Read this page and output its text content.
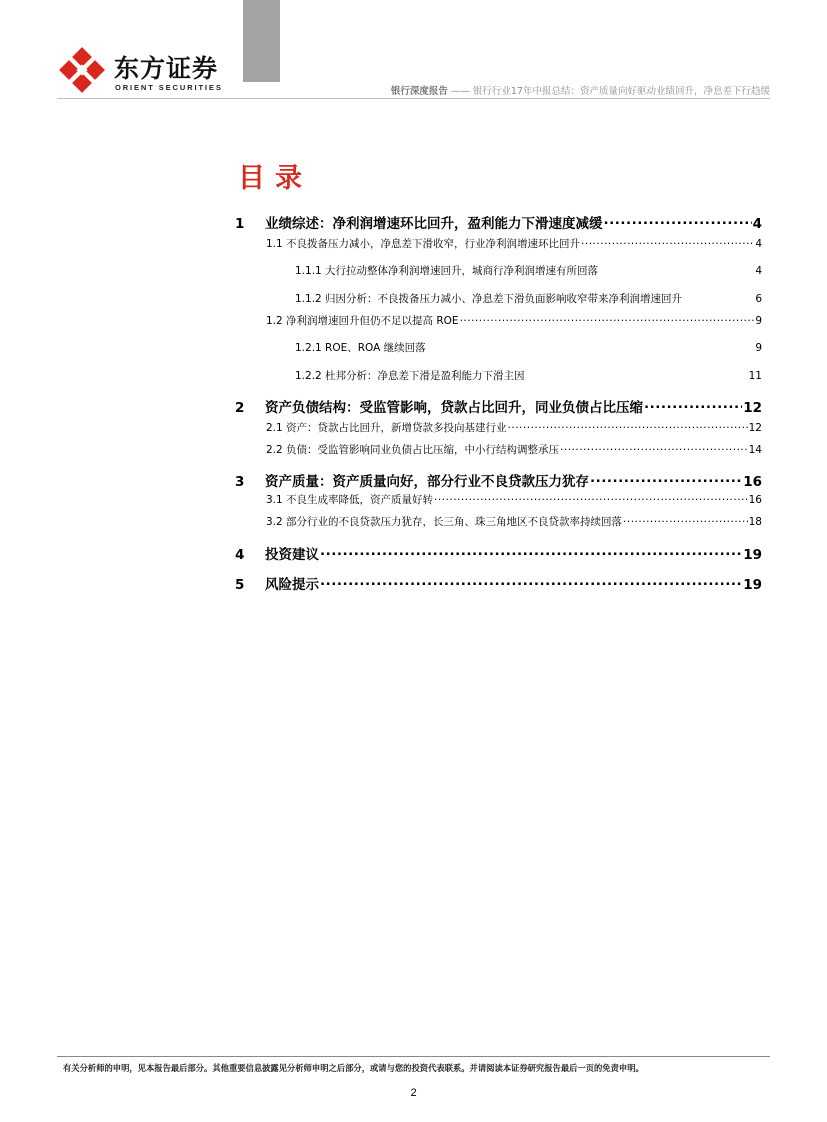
东方证券
ORIENT SECURITIES	银行深度报告 —— 银行行业17年中报总结：资产质量向好驱动业绩回升，净息差下行趋缓
目录
1	业绩综述：净利润增速环比回升，盈利能力下滑速度减缓 .....	4
1.1 不良拨备压力减小，净息差下滑收窄，行业净利润增速环比回升 .....	4
1.1.1 大行拉动整体净利润增速回升，城商行净利润增速有所回落	4
1.1.2 归因分析：不良拨备压力减小、净息差下滑负面影响收窄带来净利润增速回升	6
1.2 净利润增速回升但仍不足以提高 ROE .....	9
1.2.1 ROE、ROA 继续回落	9
1.2.2 杜邦分析：净息差下滑是盈利能力下滑主因	11
2	资产负债结构：受监管影响，贷款占比回升，同业负债占比压缩 .....	12
2.1 资产：贷款占比回升，新增贷款多投向基建行业 .....	12
2.2 负债：受监管影响同业负债占比压缩，中小行结构调整承压 .....	14
3	资产质量：资产质量向好，部分行业不良贷款压力犹存 .....	16
3.1 不良生成率降低，资产质量好转 .....	16
3.2 部分行业的不良贷款压力犹存，长三角、珠三角地区不良贷款率持续回落 .....	18
4	投资建议 .....	19
5	风险提示 .....	19
有关分析师的申明，见本报告最后部分。其他重要信息披露见分析师申明之后部分，或请与您的投资代表联系。并请阅读本证券研究报告最后一页的免责申明。
2
